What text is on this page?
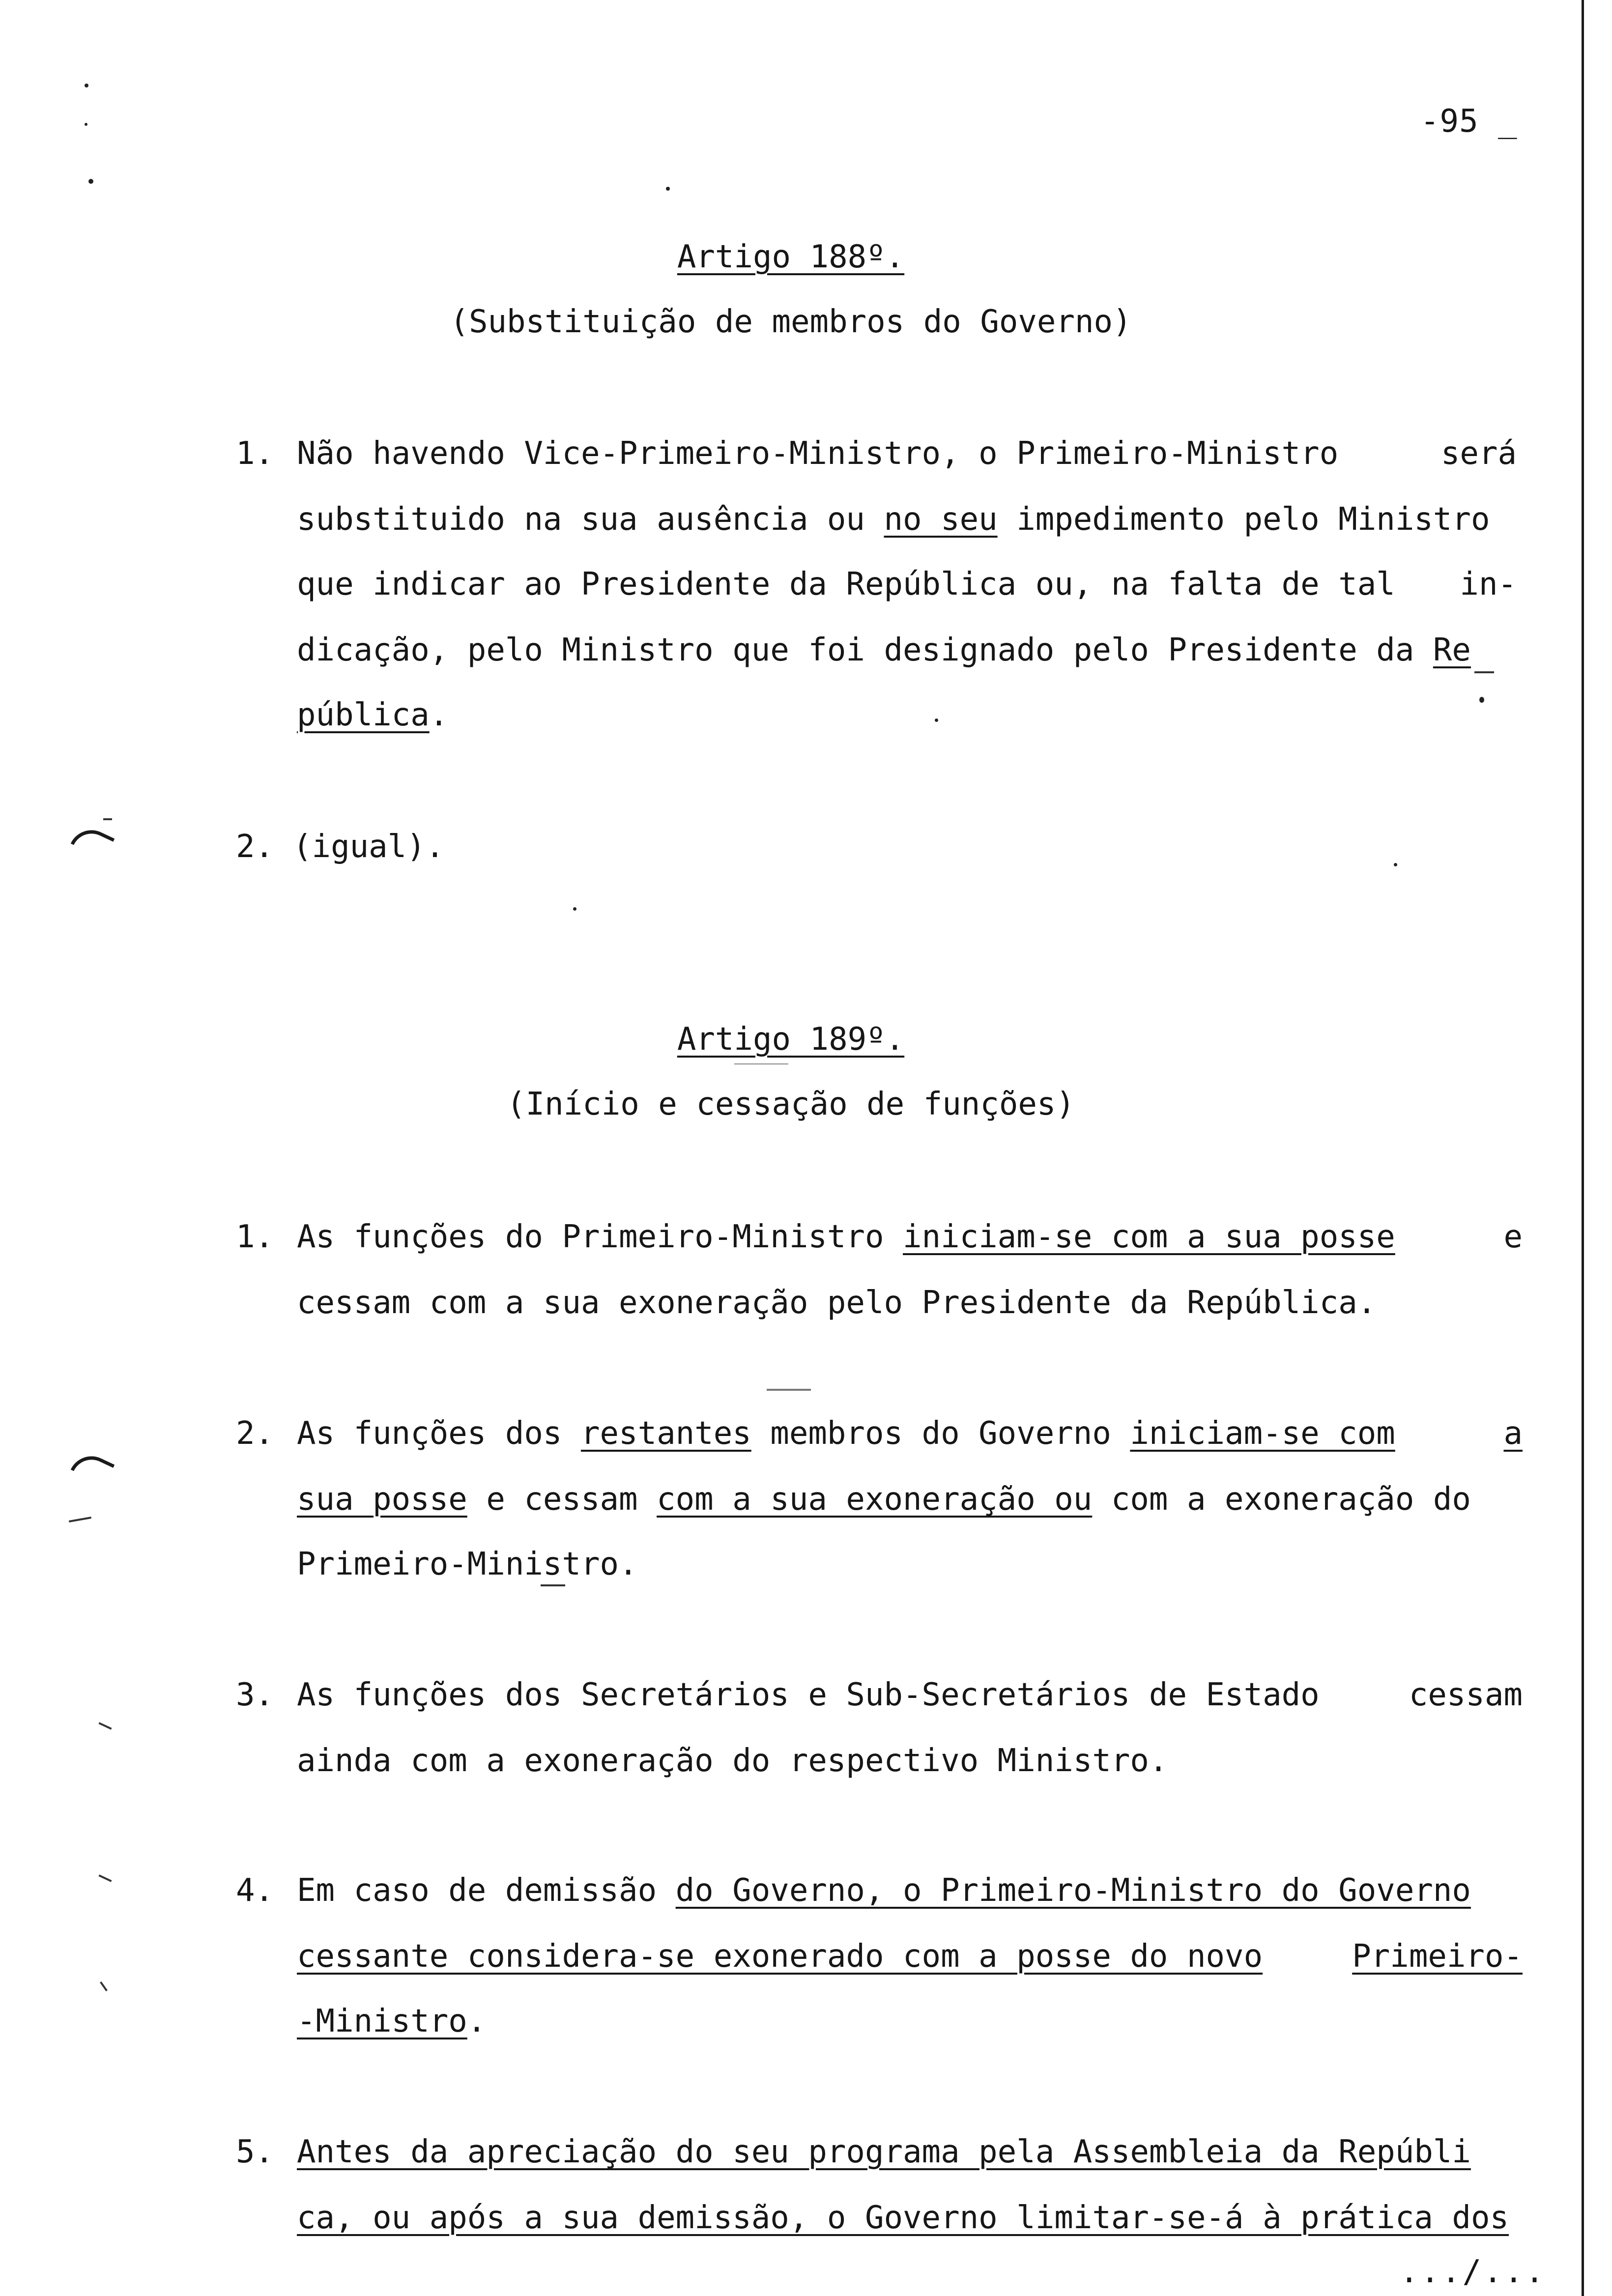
-95 _
Artigo 188º.
(Substituição de membros do Governo)
1. Não havendo Vice-Primeiro-Ministro, o Primeiro-Ministro	será
substituido na sua ausência ou no seu impedimento pelo Ministro
que indicar ao Presidente da República ou, na falta de tal in-
dicação, pelo Ministro que foi designado pelo Presidente da Re
pública.
2. (igual).
Artigo 189º.
(Início e cessação de funções)
1. As funções do Primeiro-Ministro iniciam-se com a sua posse	e
cessam com a sua exoneração pelo Presidente da República.
2. As funções dos restantes membros do Governo iniciam-se com	a
sua posse e cessam com a sua exoneração ou com a exoneração do
Primeiro-Ministro.
3. As funções dos Secretários e Sub-Secretários de Estado	cessam
ainda com a exoneração do respectivo Ministro.
4. Em caso de demissão do Governo, o Primeiro-Ministro do Governo
cessante considera-se exonerado com a posse do novo	Primeiro-
-Ministro.
5. Antes da apreciação do seu programa pela Assembleia da Repúbli
ca, ou após a sua demissão, o Governo limitar-se-á à prática dos
.../...
